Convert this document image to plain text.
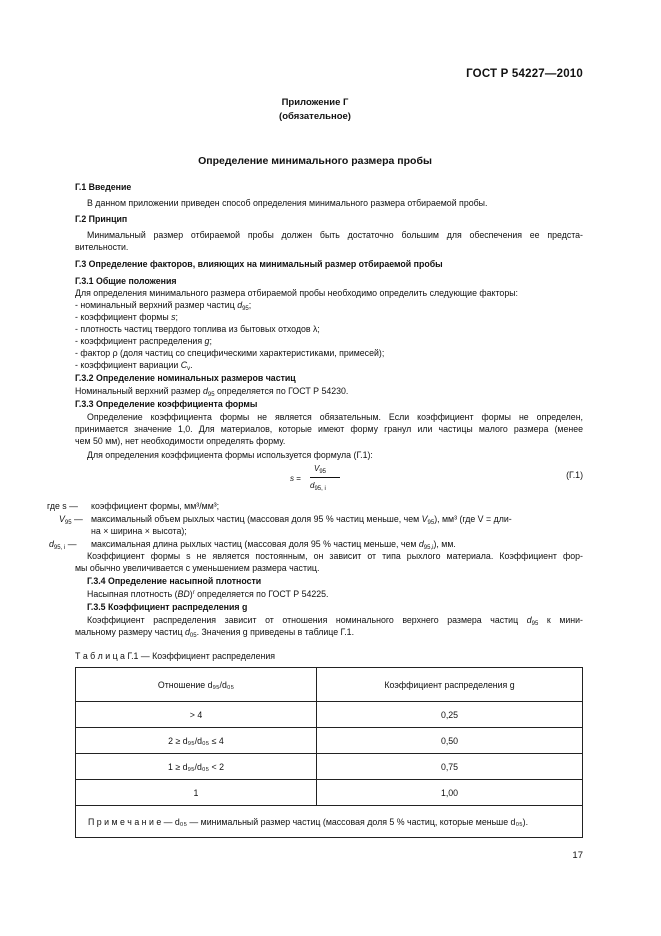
ГОСТ Р 54227—2010
Приложение Г
(обязательное)
Определение минимального размера пробы
Г.1 Введение
В данном приложении приведен способ определения минимального размера отбираемой пробы.
Г.2 Принцип
Минимальный размер отбираемой пробы должен быть достаточно большим для обеспечения ее предста-
вительности.
Г.3 Определение факторов, влияющих на минимальный размер отбираемой пробы
Г.3.1 Общие положения
Для определения минимального размера отбираемой пробы необходимо определить следующие факторы:
- номинальный верхний размер частиц $d_{95}$;
- коэффициент формы s;
- плотность частиц твердого топлива из бытовых отходов λ;
- коэффициент распределения g;
- фактор ρ (доля частиц со специфическими характеристиками, примесей);
- коэффициент вариации $C_v$.
Г.3.2 Определение номинальных размеров частиц
Номинальный верхний размер $d_{95}$ определяется по ГОСТ Р 54230.
Г.3.3 Определение коэффициента формы
Определение коэффициента формы не является обязательным. Если коэффициент формы не определен,
принимается значение 1,0. Для материалов, которые имеют форму гранул или частицы малого размера (менее
чем 50 мм), нет необходимости определять форму.
Для определения коэффициента формы используется формула (Г.1):
s =
$V_{95}$
$d_{95, i}$
(Г.1)
где s — коэффициент формы, мм³/мм³;
$V_{95}$ — максимальный объем рыхлых частиц (массовая доля 95 % частиц меньше, чем $V_{95}$), мм³ (где V = дли-
на × ширина × высота);
$d_{95, i}$ — максимальная длина рыхлых частиц (массовая доля 95 % частиц меньше, чем $d_{95,i}$), мм.
Коэффициент формы s не является постоянным, он зависит от типа рыхлого материала. Коэффициент фор-
мы обычно увеличивается с уменьшением размера частиц.
Г.3.4 Определение насыпной плотности
Насыпная плотность (BD)$^r$ определяется по ГОСТ Р 54225.
Г.3.5 Коэффициент распределения g
Коэффициент распределения зависит от отношения номинального верхнего размера частиц $d_{95}$ к мини-
мальному размеру частиц $d_{05}$. Значения g приведены в таблице Г.1.
Т а б л и ц а Г.1 — Коэффициент распределения
Отношение d₉₅/d₀₅	Коэффициент распределения g
> 4	0,25
2 ≥ d₉₅/d₀₅ ≤ 4	0,50
1 ≥ d₉₅/d₀₅ < 2	0,75
1	1,00
П р и м е ч а н и е — d₀₅ — минимальный размер частиц (массовая доля 5 % частиц, которые меньше d₀₅).	
17
